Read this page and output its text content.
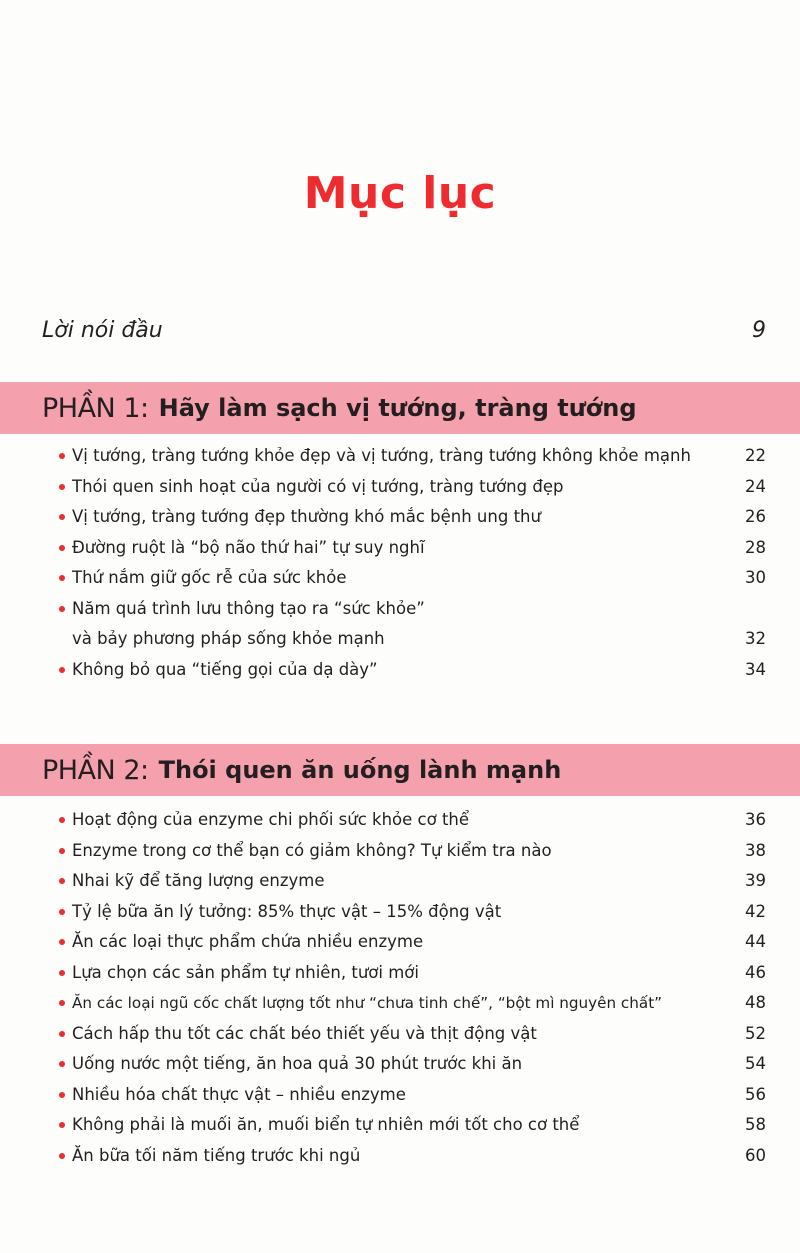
Mục lục
Lời nói đầu	9
PHẦN 1: Hãy làm sạch vị tướng, tràng tướng
Vị tướng, tràng tướng khỏe đẹp và vị tướng, tràng tướng không khỏe mạnh	22
Thói quen sinh hoạt của người có vị tướng, tràng tướng đẹp	24
Vị tướng, tràng tướng đẹp thường khó mắc bệnh ung thư	26
Đường ruột là “bộ não thứ hai” tự suy nghĩ	28
Thứ nắm giữ gốc rễ của sức khỏe	30
Năm quá trình lưu thông tạo ra “sức khỏe”
và bảy phương pháp sống khỏe mạnh	32
Không bỏ qua “tiếng gọi của dạ dày”	34
PHẦN 2: Thói quen ăn uống lành mạnh
Hoạt động của enzyme chi phối sức khỏe cơ thể	36
Enzyme trong cơ thể bạn có giảm không? Tự kiểm tra nào	38
Nhai kỹ để tăng lượng enzyme	39
Tỷ lệ bữa ăn lý tưởng: 85% thực vật – 15% động vật	42
Ăn các loại thực phẩm chứa nhiều enzyme	44
Lựa chọn các sản phẩm tự nhiên, tươi mới	46
Ăn các loại ngũ cốc chất lượng tốt như “chưa tinh chế”, “bột mì nguyên chất”	48
Cách hấp thu tốt các chất béo thiết yếu và thịt động vật	52
Uống nước một tiếng, ăn hoa quả 30 phút trước khi ăn	54
Nhiều hóa chất thực vật – nhiều enzyme	56
Không phải là muối ăn, muối biển tự nhiên mới tốt cho cơ thể	58
Ăn bữa tối năm tiếng trước khi ngủ	60
